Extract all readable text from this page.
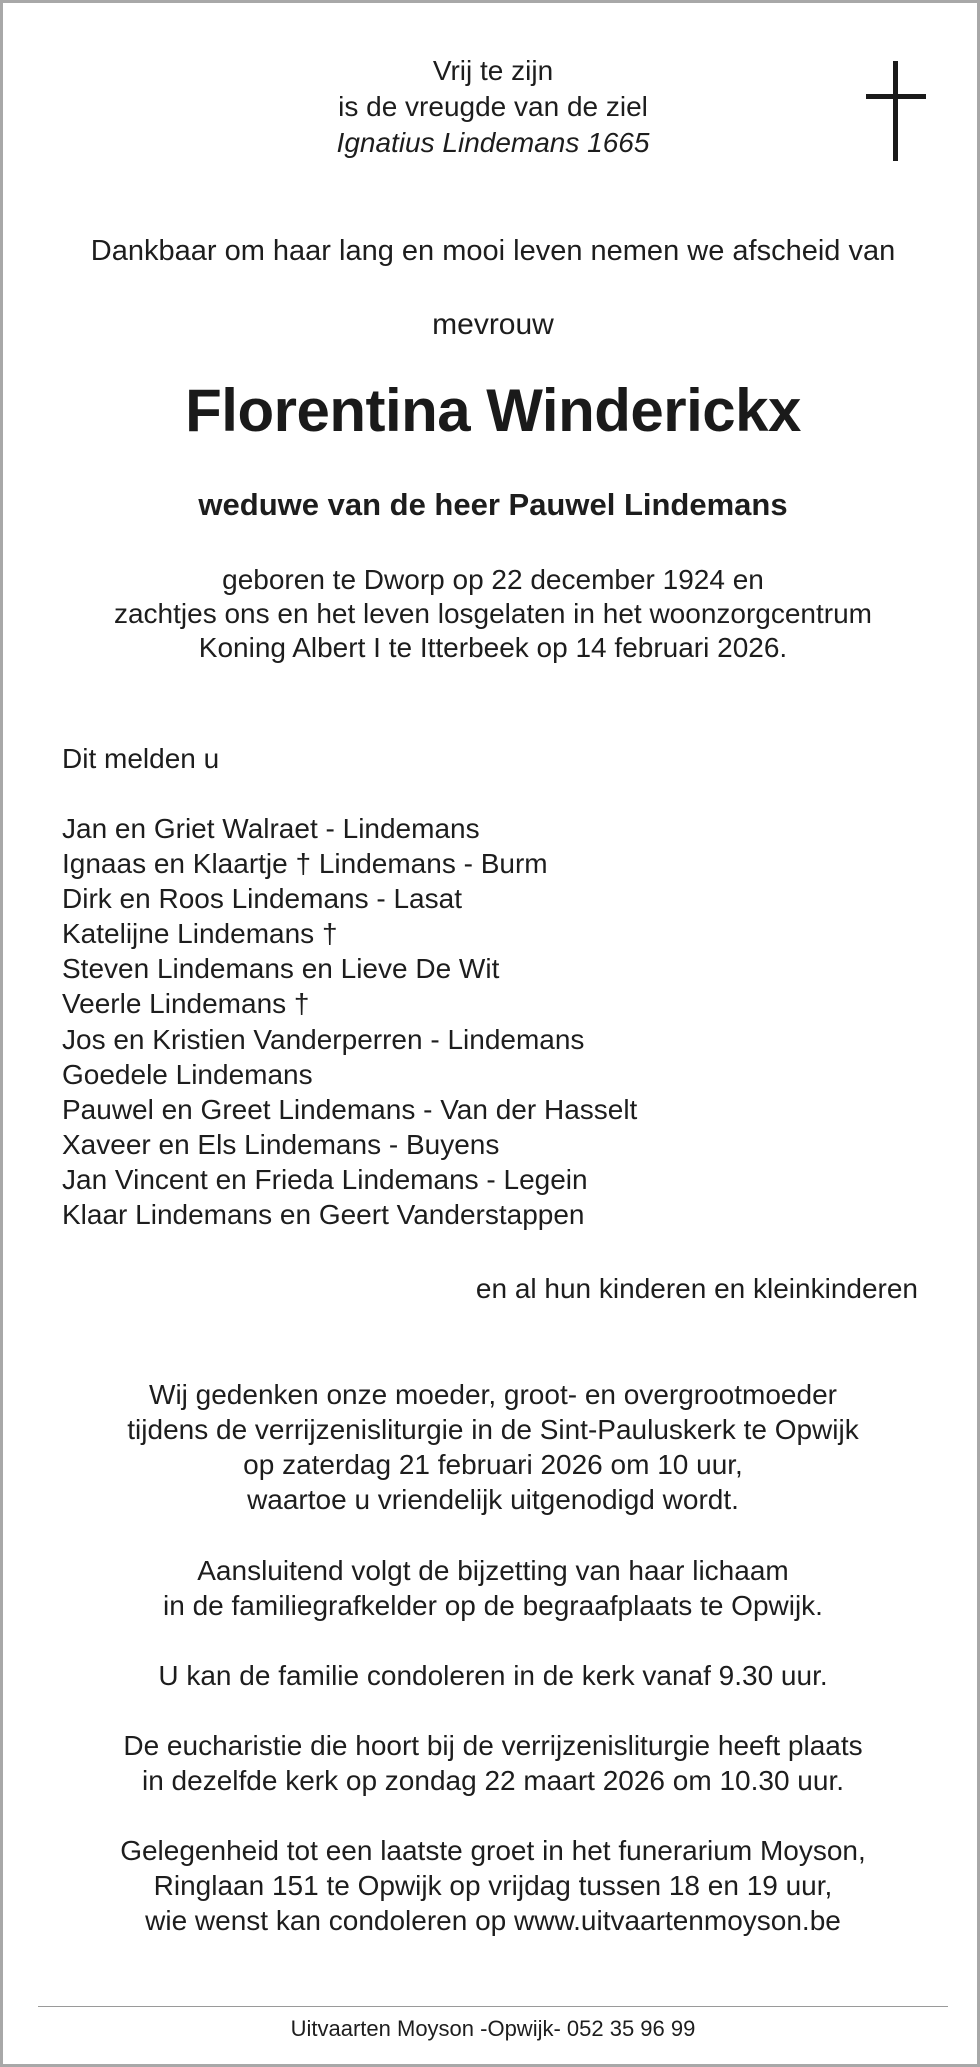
Vrij te zijn
is de vreugde van de ziel
Ignatius Lindemans 1665
Dankbaar om haar lang en mooi leven nemen we afscheid van
mevrouw
Florentina Winderickx
weduwe van de heer Pauwel Lindemans
geboren te Dworp op 22 december 1924 en
zachtjes ons en het leven losgelaten in het woonzorgcentrum
Koning Albert I te Itterbeek op 14 februari 2026.
Dit melden u
Jan en Griet Walraet - Lindemans
Ignaas en Klaartje † Lindemans - Burm
Dirk en Roos Lindemans - Lasat
Katelijne Lindemans †
Steven Lindemans en Lieve De Wit
Veerle Lindemans †
Jos en Kristien Vanderperren - Lindemans
Goedele Lindemans
Pauwel en Greet Lindemans - Van der Hasselt
Xaveer en Els Lindemans - Buyens
Jan Vincent en Frieda Lindemans - Legein
Klaar Lindemans en Geert Vanderstappen
en al hun kinderen en kleinkinderen
Wij gedenken onze moeder, groot- en overgrootmoeder
tijdens de verrijzenisliturgie in de Sint-Pauluskerk te Opwijk
op zaterdag 21 februari 2026 om 10 uur,
waartoe u vriendelijk uitgenodigd wordt.
Aansluitend volgt de bijzetting van haar lichaam
in de familiegrafkelder op de begraafplaats te Opwijk.
U kan de familie condoleren in de kerk vanaf 9.30 uur.
De eucharistie die hoort bij de verrijzenisliturgie heeft plaats
in dezelfde kerk op zondag 22 maart 2026 om 10.30 uur.
Gelegenheid tot een laatste groet in het funerarium Moyson,
Ringlaan 151 te Opwijk op vrijdag tussen 18 en 19 uur,
wie wenst kan condoleren op www.uitvaartenmoyson.be
Uitvaarten Moyson -Opwijk- 052 35 96 99
